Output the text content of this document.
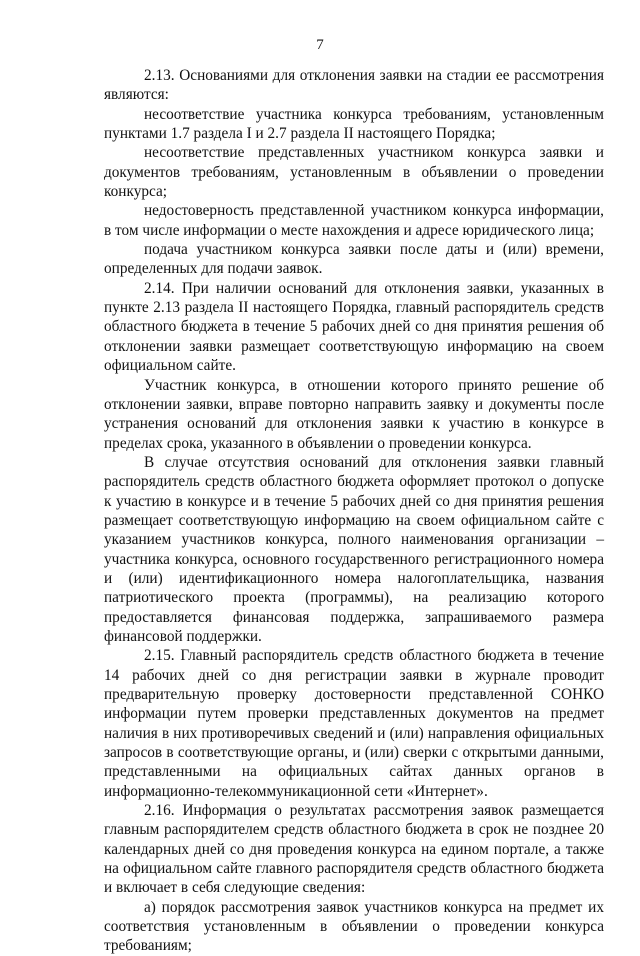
7

2.13. Основаниями для отклонения заявки на стадии ее рассмотрения являются:

несоответствие участника конкурса требованиям, установленным пунктами 1.7 раздела I и 2.7 раздела II настоящего Порядка;

несоответствие представленных участником конкурса заявки и документов требованиям, установленным в объявлении о проведении конкурса;

недостоверность представленной участником конкурса информации, в том числе информации о месте нахождения и адресе юридического лица;

подача участником конкурса заявки после даты и (или) времени, определенных для подачи заявок.

2.14. При наличии оснований для отклонения заявки, указанных в пункте 2.13 раздела II настоящего Порядка, главный распорядитель средств областного бюджета в течение 5 рабочих дней со дня принятия решения об отклонении заявки размещает соответствующую информацию на своем официальном сайте.

Участник конкурса, в отношении которого принято решение об отклонении заявки, вправе повторно направить заявку и документы после устранения оснований для отклонения заявки к участию в конкурсе в пределах срока, указанного в объявлении о проведении конкурса.

В случае отсутствия оснований для отклонения заявки главный распорядитель средств областного бюджета оформляет протокол о допуске к участию в конкурсе и в течение 5 рабочих дней со дня принятия решения размещает соответствующую информацию на своем официальном сайте с указанием участников конкурса, полного наименования организации – участника конкурса, основного государственного регистрационного номера и (или) идентификационного номера налогоплательщика, названия патриотического проекта (программы), на реализацию которого предоставляется финансовая поддержка, запрашиваемого размера финансовой поддержки.

2.15. Главный распорядитель средств областного бюджета в течение 14 рабочих дней со дня регистрации заявки в журнале проводит предварительную проверку достоверности представленной СОНКО информации путем проверки представленных документов на предмет наличия в них противоречивых сведений и (или) направления официальных запросов в соответствующие органы, и (или) сверки с открытыми данными, представленными на официальных сайтах данных органов в информационно-телекоммуникационной сети «Интернет».

2.16. Информация о результатах рассмотрения заявок размещается главным распорядителем средств областного бюджета в срок не позднее 20 календарных дней со дня проведения конкурса на едином портале, а также на официальном сайте главного распорядителя средств областного бюджета и включает в себя следующие сведения:

а) порядок рассмотрения заявок участников конкурса на предмет их соответствия установленным в объявлении о проведении конкурса требованиям;
